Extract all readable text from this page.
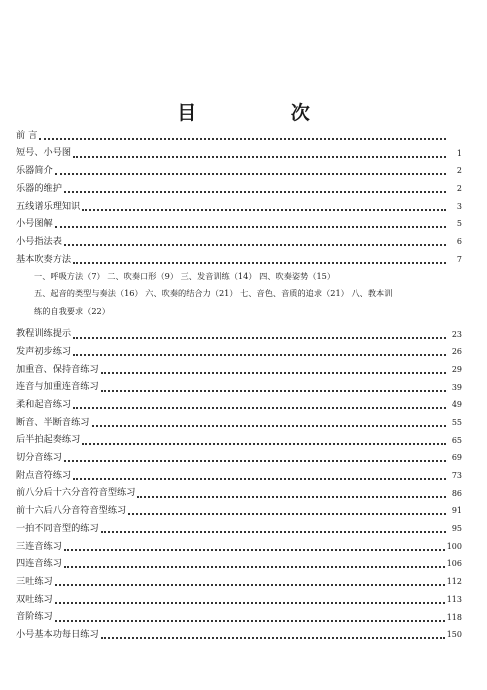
目 次
前 言
短号、小号图	1
乐器简介	2
乐器的维护	2
五线谱乐理知识	3
小号图解	5
小号指法表	6
基本吹奏方法	7
一、呼吸方法（7） 二、吹奏口形（9） 三、发音训练（14） 四、吹奏姿势（15）
五、起音的类型与奏法（16） 六、吹奏的结合力（21） 七、音色、音质的追求（21） 八、教本训
练的自我要求（22）
教程训练提示	23
发声初步练习	26
加重音、保持音练习	29
连音与加重连音练习	39
柔和起音练习	49
断音、半断音练习	55
后半拍起奏练习	65
切分音练习	69
附点音符练习	73
前八分后十六分音符音型练习	86
前十六后八分音符音型练习	91
一拍不同音型的练习	95
三连音练习	100
四连音练习	106
三吐练习	112
双吐练习	113
音阶练习	118
小号基本功每日练习	150
